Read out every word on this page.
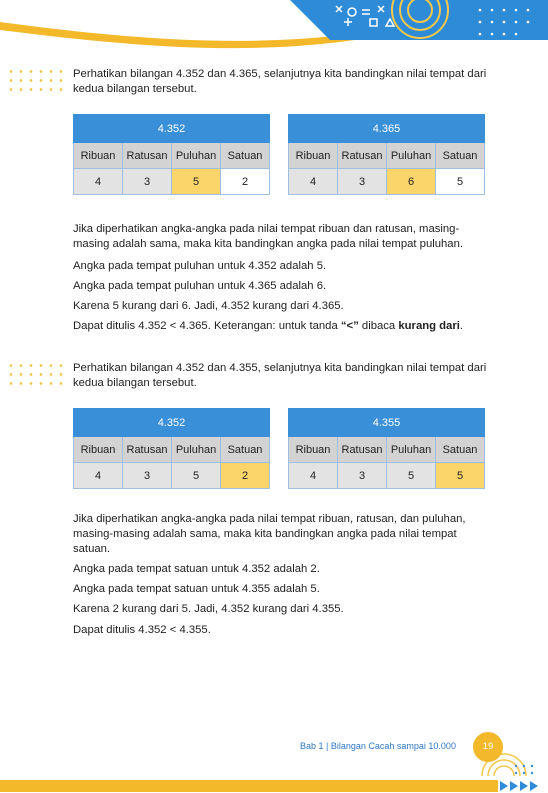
Perhatikan bilangan 4.352 dan 4.365, selanjutnya kita bandingkan nilai tempat dari kedua bilangan tersebut.

4.352			
Ribuan	Ratusan	Puluhan	Satuan
4	3	5	2
4.365			
Ribuan	Ratusan	Puluhan	Satuan
4	3	6	5

Jika diperhatikan angka-angka pada nilai tempat ribuan dan ratusan, masing-masing adalah sama, maka kita bandingkan angka pada nilai tempat puluhan.

Angka pada tempat puluhan untuk 4.352 adalah 5.

Angka pada tempat puluhan untuk 4.365 adalah 6.

Karena 5 kurang dari 6. Jadi, 4.352 kurang dari 4.365.

Dapat ditulis 4.352 < 4.365. Keterangan: untuk tanda “<” dibaca kurang dari.

Perhatikan bilangan 4.352 dan 4.355, selanjutnya kita bandingkan nilai tempat dari kedua bilangan tersebut.

4.352			
Ribuan	Ratusan	Puluhan	Satuan
4	3	5	2
4.355			
Ribuan	Ratusan	Puluhan	Satuan
4	3	5	5

Jika diperhatikan angka-angka pada nilai tempat ribuan, ratusan, dan puluhan, masing-masing adalah sama, maka kita bandingkan angka pada nilai tempat satuan.

Angka pada tempat satuan untuk 4.352 adalah 2.

Angka pada tempat satuan untuk 4.355 adalah 5.

Karena 2 kurang dari 5. Jadi, 4.352 kurang dari 4.355.

Dapat ditulis 4.352 < 4.355.

Bab 1 | Bilangan Cacah sampai 10.000	19
